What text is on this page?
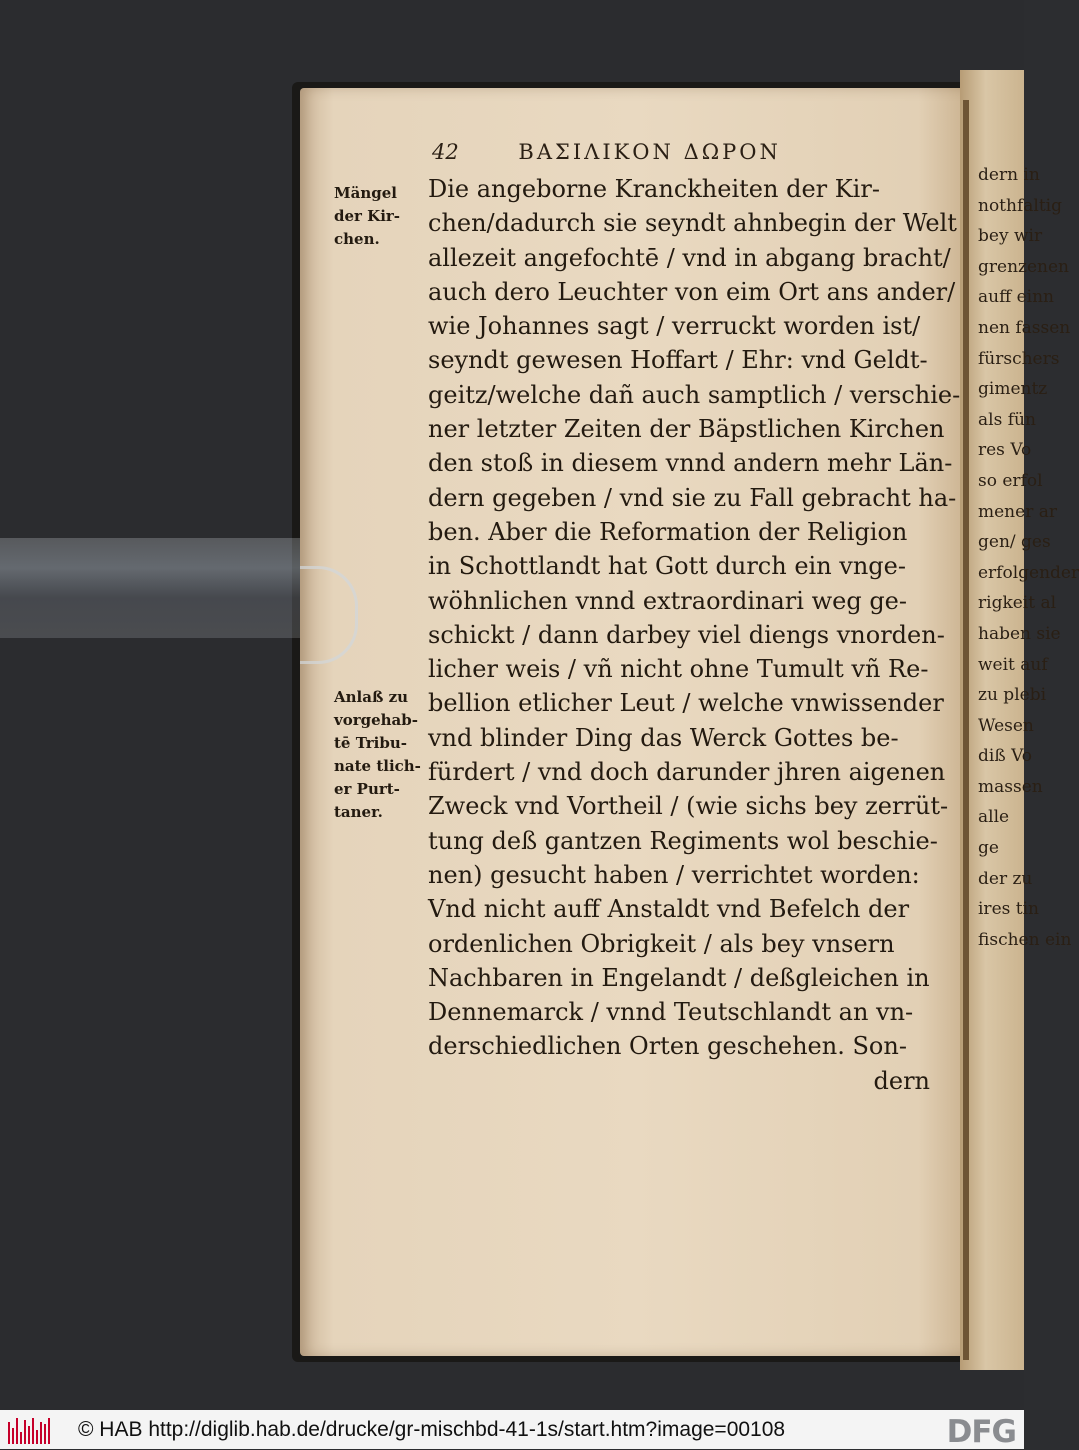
dern in
nothfaltig
bey wir
grenzenen
auff einn
nen fassen
fürschers
gimentz
als fün
res Vo
so erfol
mener ar
gen/ ges
erfolgender
rigkeit al
haben sie
weit auf
zu plebi
Wesen
diß Vo
massen
alle
ge
der zu
ires tin
fischen ein
42	ΒΑΣΙΛΙΚΟΝ ΔΩΡΟΝ
Mängel
der Kir-
chen.
Anlaß zu
vorgehab-
tē Tribu-
nate tlich-
er Purt-
taner.
Die angeborne Kranckheiten der Kir-
chen/dadurch sie seyndt ahnbegin der Welt
allezeit angefochtē / vnd in abgang bracht/
auch dero Leuchter von eim Ort ans ander/
wie Johannes sagt / verruckt worden ist/
seyndt gewesen Hoffart / Ehr: vnd Geldt-
geitz/welche dañ auch samptlich / verschie-
ner letzter Zeiten der Bäpstlichen Kirchen
den stoß in diesem vnnd andern mehr Län-
dern gegeben / vnd sie zu Fall gebracht ha-
ben. Aber die Reformation der Religion
in Schottlandt hat Gott durch ein vnge-
wöhnlichen vnnd extraordinari weg ge-
schickt / dann darbey viel diengs vnorden-
licher weis / vñ nicht ohne Tumult vñ Re-
bellion etlicher Leut / welche vnwissender
vnd blinder Ding das Werck Gottes be-
fürdert / vnd doch darunder jhren aigenen
Zweck vnd Vortheil / (wie sichs bey zerrüt-
tung deß gantzen Regiments wol beschie-
nen) gesucht haben / verrichtet worden:
Vnd nicht auff Anstaldt vnd Befelch der
ordenlichen Obrigkeit / als bey vnsern
Nachbaren in Engelandt / deßgleichen in
Dennemarck / vnnd Teutschlandt an vn-
derschiedlichen Orten geschehen. Son-
dern
© HAB http://diglib.hab.de/drucke/gr-mischbd-41-1s/start.htm?image=00108	DFG
